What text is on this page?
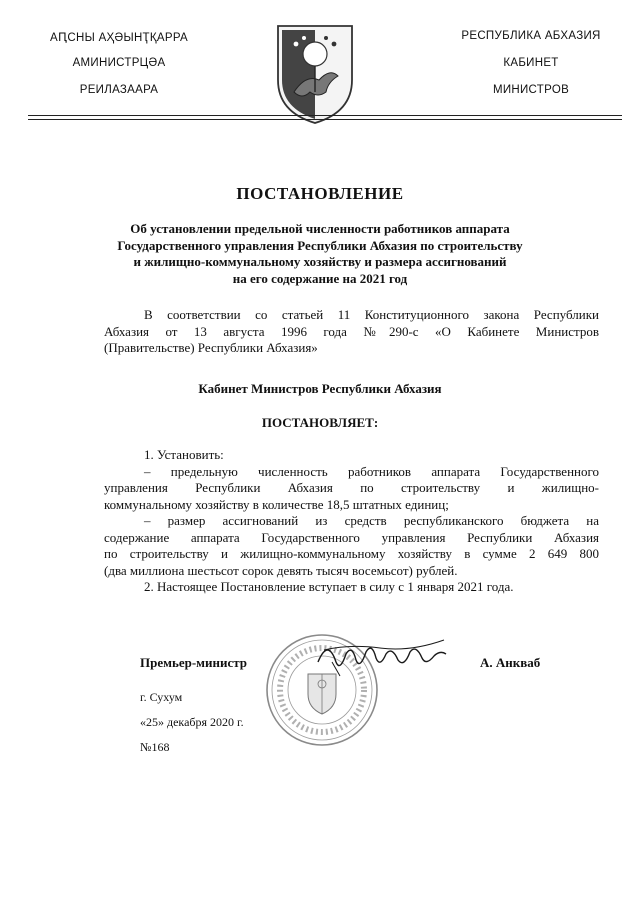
АԤСНЫ АҲӘЫНҬҚАРРА
АМИНИСТРЦӘА
РЕИЛАЗААРА
РЕСПУБЛИКА АБХАЗИЯ
КАБИНЕТ
МИНИСТРОВ
ПОСТАНОВЛЕНИЕ
Об установлении предельной численности работников аппарата
Государственного управления Республики Абхазия по строительству
и жилищно-коммунальному хозяйству и размера ассигнований
на его содержание на 2021 год
В соответствии со статьей 11 Конституционного закона Республики
Абхазия от 13 августа 1996 года №290-с «О Кабинете Министров
(Правительстве) Республики Абхазия»
Кабинет Министров Республики Абхазия
ПОСТАНОВЛЯЕТ:
1. Установить:
– предельную численность работников аппарата Государственного
управления Республики Абхазия по строительству и жилищно-
коммунальному хозяйству в количестве 18,5 штатных единиц;
– размер ассигнований из средств республиканского бюджета на
содержание аппарата Государственного управления Республики Абхазия
по строительству и жилищно-коммунальному хозяйству в сумме 2 649 800
(два миллиона шестьсот сорок девять тысяч восемьсот) рублей.
2. Настоящее Постановление вступает в силу с 1 января 2021 года.
Премьер-министр	А. Анкваб
г. Сухум
«25» декабря 2020 г.
№168
